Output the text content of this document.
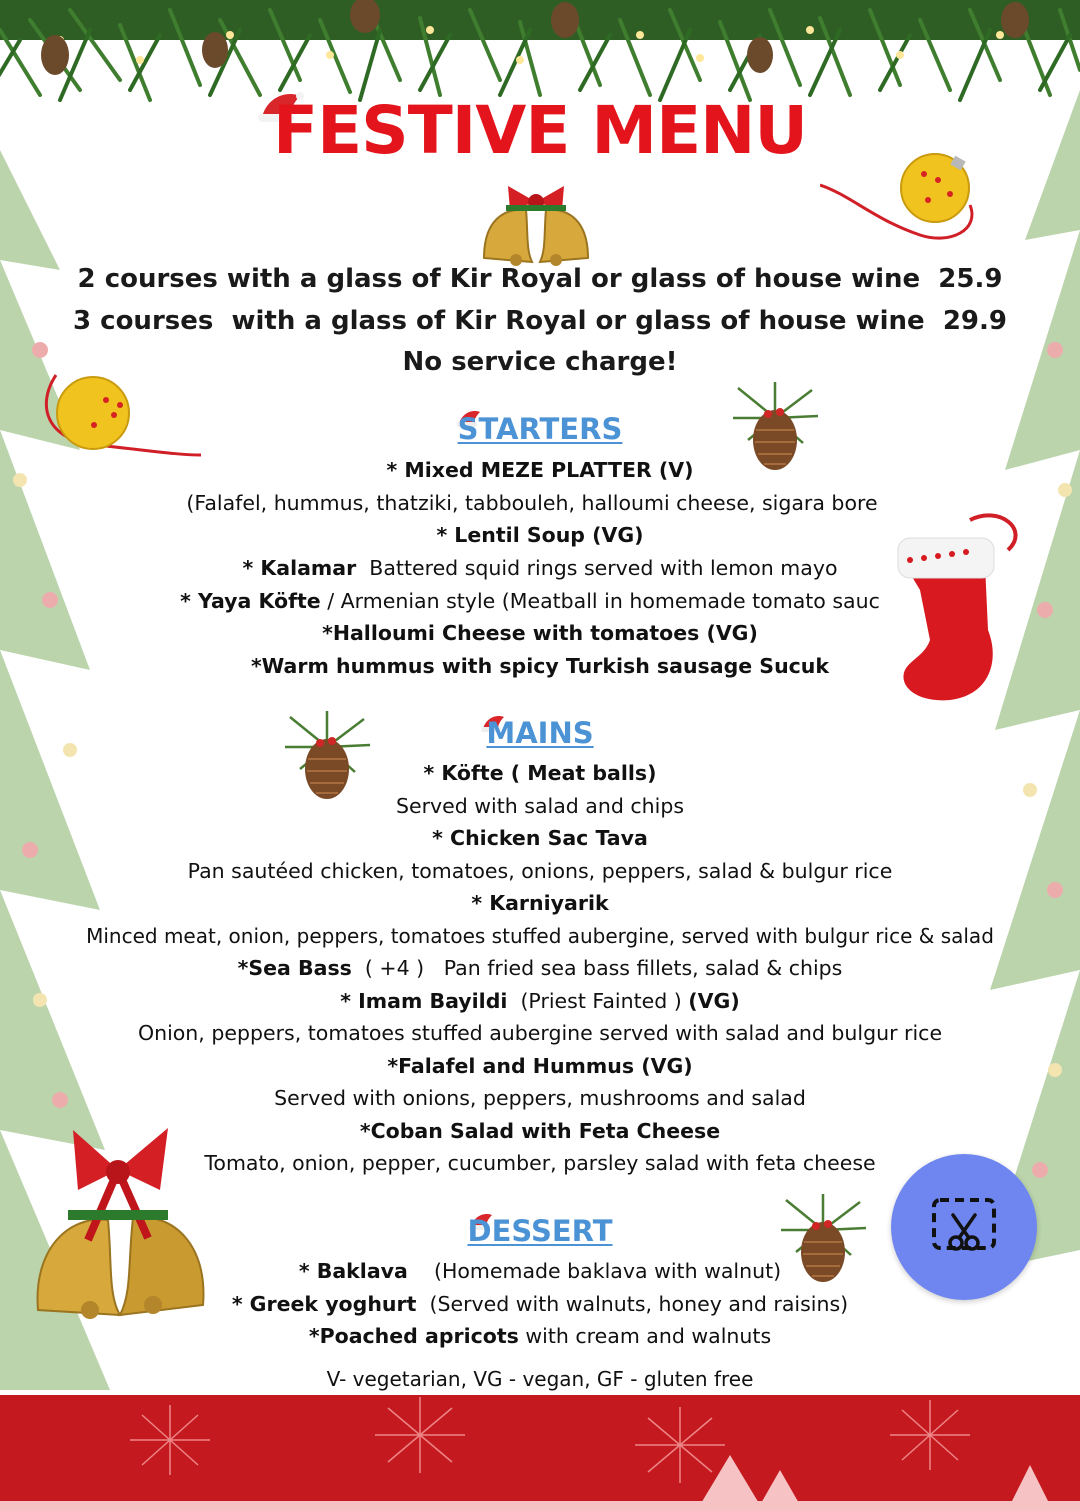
FESTIVE MENU
2 courses with a glass of Kir Royal or glass of house wine 25.9
3 courses  with a glass of Kir Royal or glass of house wine 29.9
No service charge!
STARTERS
* Mixed MEZE PLATTER (V)
(Falafel, hummus, thatziki, tabbouleh, halloumi cheese, sigara bore
* Lentil Soup (VG)
* Kalamar  Battered squid rings served with lemon mayo
* Yaya Köfte / Armenian style (Meatball in homemade tomato sauc
*Halloumi Cheese with tomatoes (VG)
*Warm hummus with spicy Turkish sausage Sucuk
MAINS
* Köfte ( Meat balls)
Served with salad and chips
* Chicken Sac Tava
Pan sautéed chicken, tomatoes, onions, peppers, salad & bulgur rice
* Karniyarik
Minced meat, onion, peppers, tomatoes stuffed aubergine, served with bulgur rice & salad
*Sea Bass  ( +4 )   Pan fried sea bass fillets, salad & chips
* Imam Bayildi  (Priest Fainted ) (VG)
Onion, peppers, tomatoes stuffed aubergine served with salad and bulgur rice
*Falafel and Hummus (VG)
Served with onions, peppers, mushrooms and salad
*Coban Salad with Feta Cheese
Tomato, onion, pepper, cucumber, parsley salad with feta cheese
DESSERT
* Baklava    (Homemade baklava with walnut)
* Greek yoghurt  (Served with walnuts, honey and raisins)
*Poached apricots with cream and walnuts
V- vegetarian, VG - vegan, GF - gluten free
